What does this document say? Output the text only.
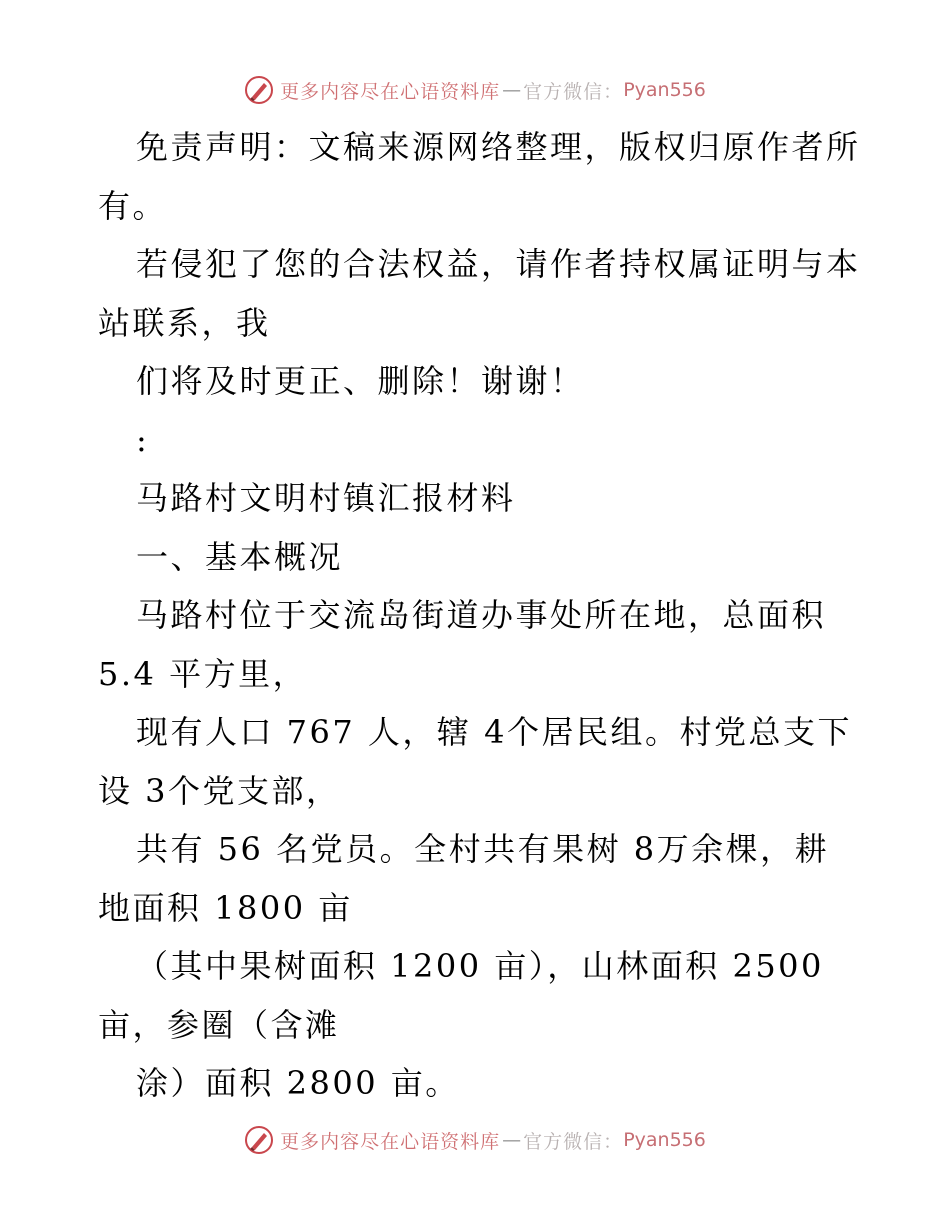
更多内容尽在心语资料库 — 官方微信： Pyan556
免责声明：文稿来源网络整理，版权归原作者所
有。
若侵犯了您的合法权益，请作者持权属证明与本
站联系，我
们将及时更正、删除！谢谢！
:
马路村文明村镇汇报材料
一、基本概况
马路村位于交流岛街道办事处所在地，总面积
5.4 平方里，
现有人口 767 人，辖 4个居民组。村党总支下
设 3个党支部，
共有 56 名党员。全村共有果树 8万余棵，耕
地面积 1800 亩
（其中果树面积 1200 亩），山林面积 2500
亩，参圈（含滩
涂）面积 2800 亩。
更多内容尽在心语资料库 — 官方微信： Pyan556
